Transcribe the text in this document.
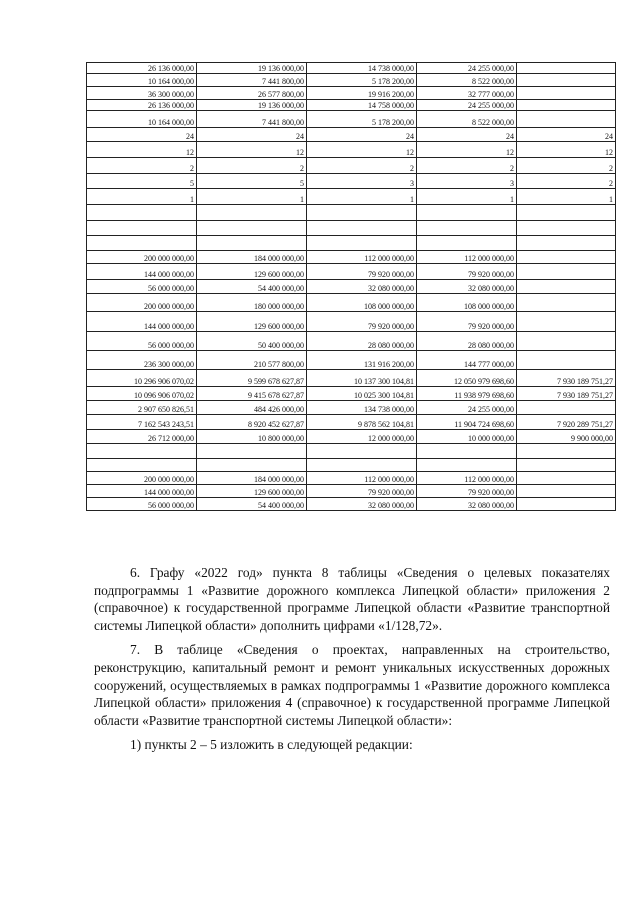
26 136 000,00	19 136 000,00	14 738 000,00	24 255 000,00	
10 164 000,00	7 441 800,00	5 178 200,00	8 522 000,00	
36 300 000,00	26 577 800,00	19 916 200,00	32 777 000,00	
26 136 000,00	19 136 000,00	14 758 000,00	24 255 000,00	
10 164 000,00	7 441 800,00	5 178 200,00	8 522 000,00	
24	24	24	24	24
12	12	12	12	12
2	2	2	2	2
5	5	3	3	2
1	1	1	1	1

200 000 000,00	184 000 000,00	112 000 000,00	112 000 000,00	
144 000 000,00	129 600 000,00	79 920 000,00	79 920 000,00	
56 000 000,00	54 400 000,00	32 080 000,00	32 080 000,00	
200 000 000,00	180 000 000,00	108 000 000,00	108 000 000,00	
144 000 000,00	129 600 000,00	79 920 000,00	79 920 000,00	
56 000 000,00	50 400 000,00	28 080 000,00	28 080 000,00	
236 300 000,00	210 577 800,00	131 916 200,00	144 777 000,00	
10 296 906 070,02	9 599 678 627,87	10 137 300 104,81	12 050 979 698,60	7 930 189 751,27
10 096 906 070,02	9 415 678 627,87	10 025 300 104,81	11 938 979 698,60	7 930 189 751,27
2 907 650 826,51	484 426 000,00	134 738 000,00	24 255 000,00	
7 162 543 243,51	8 920 452 627,87	9 878 562 104,81	11 904 724 698,60	7 920 289 751,27
26 712 000,00	10 800 000,00	12 000 000,00	10 000 000,00	9 900 000,00

200 000 000,00	184 000 000,00	112 000 000,00	112 000 000,00	
144 000 000,00	129 600 000,00	79 920 000,00	79 920 000,00	
56 000 000,00	54 400 000,00	32 080 000,00	32 080 000,00	

6. Графу «2022 год» пункта 8 таблицы «Сведения о целевых показателях подпрограммы 1 «Развитие дорожного комплекса Липецкой области» приложения 2 (справочное) к государственной программе Липецкой области «Развитие транспортной системы Липецкой области» дополнить цифрами «1/128,72».

7. В таблице «Сведения о проектах, направленных на строительство, реконструкцию, капитальный ремонт и ремонт уникальных искусственных дорожных сооружений, осуществляемых в рамках подпрограммы 1 «Развитие дорожного комплекса Липецкой области» приложения 4 (справочное) к государственной программе Липецкой области «Развитие транспортной системы Липецкой области»:

1) пункты 2 – 5 изложить в следующей редакции:
